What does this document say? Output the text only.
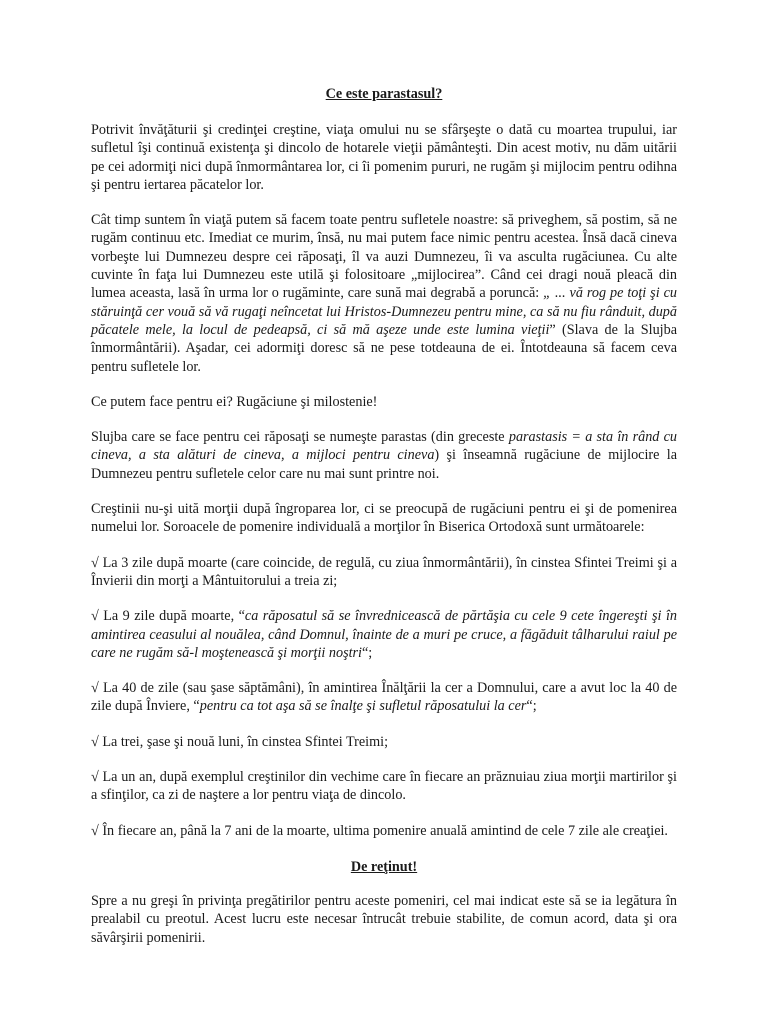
Ce este parastasul?
Potrivit învăţăturii şi credinţei creştine, viaţa omului nu se sfârşeşte o dată cu moartea trupului, iar sufletul îşi continuă existenţa şi dincolo de hotarele vieţii pământeşti. Din acest motiv, nu dăm uitării pe cei adormiţi nici după înmormântarea lor, ci îi pomenim pururi, ne rugăm şi mijlocim pentru odihna şi pentru iertarea păcatelor lor.
Cât timp suntem în viaţă putem să facem toate pentru sufletele noastre: să priveghem, să postim, să ne rugăm continuu etc. Imediat ce murim, însă, nu mai putem face nimic pentru acestea. Însă dacă cineva vorbeşte lui Dumnezeu despre cei răposaţi, îl va auzi Dumnezeu, îi va asculta rugăciunea. Cu alte cuvinte în faţa lui Dumnezeu este utilă şi folositoare „mijlocirea”. Când cei dragi nouă pleacă din lumea aceasta, lasă în urma lor o rugăminte, care sună mai degrabă a poruncă: „ ... vă rog pe toţi şi cu stăruinţă cer vouă să vă rugaţi neîncetat lui Hristos-Dumnezeu pentru mine, ca să nu fiu rânduit, după păcatele mele, la locul de pedeapsă, ci să mă aşeze unde este lumina vieţii” (Slava de la Slujba înmormântării). Aşadar, cei adormiţi doresc să ne pese totdeauna de ei. Întotdeauna să facem ceva pentru sufletele lor.
Ce putem face pentru ei? Rugăciune şi milostenie!
Slujba care se face pentru cei răposaţi se numeşte parastas (din greceste parastasis = a sta în rând cu cineva, a sta alături de cineva, a mijloci pentru cineva) şi înseamnă rugăciune de mijlocire la Dumnezeu pentru sufletele celor care nu mai sunt printre noi.
Creştinii nu-şi uită morţii după îngroparea lor, ci se preocupă de rugăciuni pentru ei şi de pomenirea numelui lor. Soroacele de pomenire individuală a morţilor în Biserica Ortodoxă sunt următoarele:
√ La 3 zile după moarte (care coincide, de regulă, cu ziua înmormântării), în cinstea Sfintei Treimi şi a Învierii din morţi a Mântuitorului a treia zi;
√ La 9 zile după moarte, “ca răposatul să se învrednicească de părtăşia cu cele 9 cete îngereşti şi în amintirea ceasului al nouălea, când Domnul, înainte de a muri pe cruce, a făgăduit tâlharului raiul pe care ne rugăm să-l moştenească şi morţii noştri“;
√ La 40 de zile (sau şase săptămâni), în amintirea Înălţării la cer a Domnului, care a avut loc la 40 de zile după Înviere, “pentru ca tot aşa să se înalţe şi sufletul răposatului la cer“;
√ La trei, şase şi nouă luni, în cinstea Sfintei Treimi;
√ La un an, după exemplul creştinilor din vechime care în fiecare an prăznuiau ziua morţii martirilor şi a sfinţilor, ca zi de naştere a lor pentru viaţa de dincolo.
√ În fiecare an, până la 7 ani de la moarte, ultima pomenire anuală amintind de cele 7 zile ale creaţiei.
De reţinut!
Spre a nu greşi în privinţa pregătirilor pentru aceste pomeniri, cel mai indicat este să se ia legătura în prealabil cu preotul. Acest lucru este necesar întrucât trebuie stabilite, de comun acord, data şi ora săvârşirii pomenirii.
